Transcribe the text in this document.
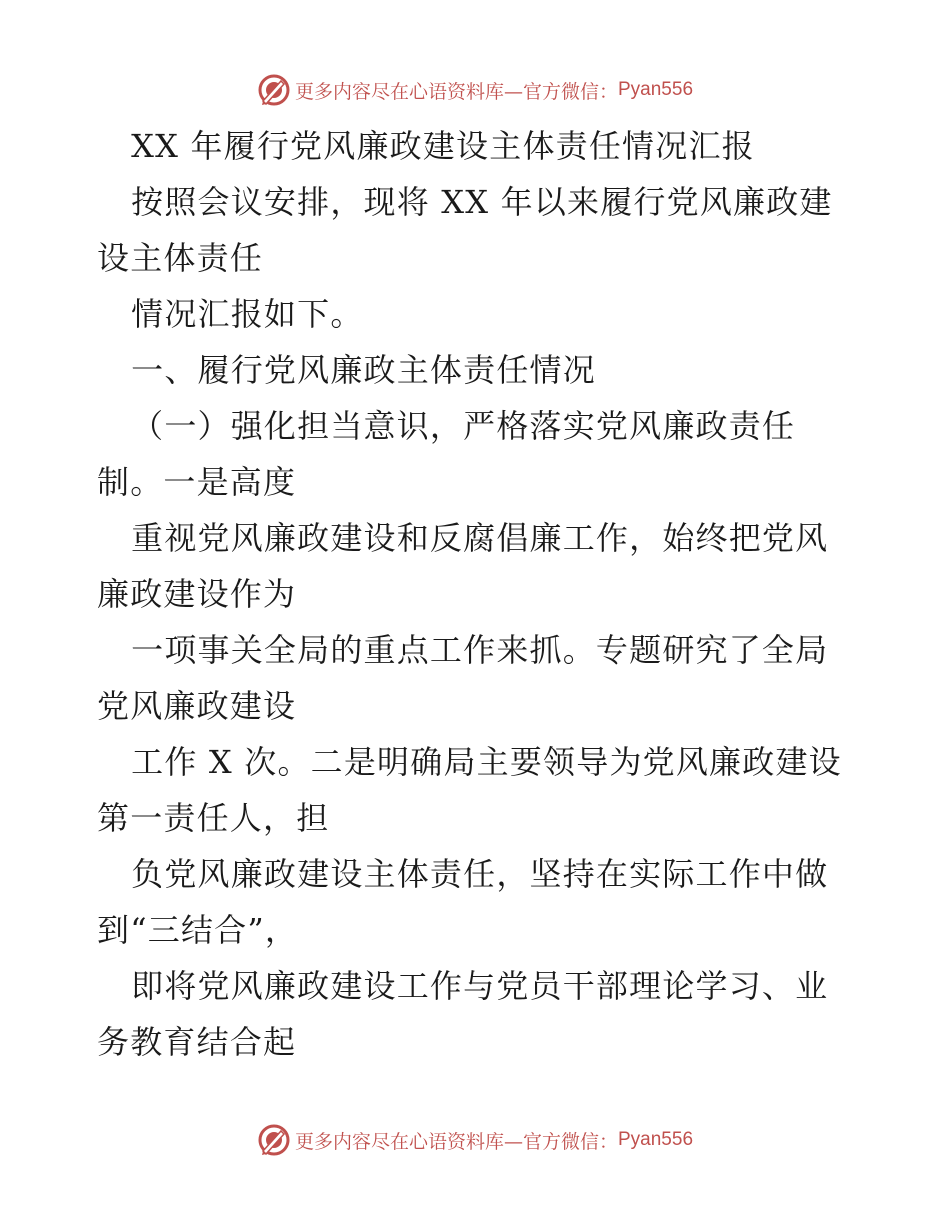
更多内容尽在心语资料库—官方微信： Pyan556

XX 年履行党风廉政建设主体责任情况汇报

按照会议安排，现将 XX 年以来履行党风廉政建设主体责任

情况汇报如下。

一、履行党风廉政主体责任情况

（一）强化担当意识，严格落实党风廉政责任制。一是高度

重视党风廉政建设和反腐倡廉工作，始终把党风廉政建设作为

一项事关全局的重点工作来抓。专题研究了全局党风廉政建设

工作 X 次。二是明确局主要领导为党风廉政建设第一责任人，担

负党风廉政建设主体责任，坚持在实际工作中做到“三结合”，

即将党风廉政建设工作与党员干部理论学习、业务教育结合起

更多内容尽在心语资料库—官方微信： Pyan556
